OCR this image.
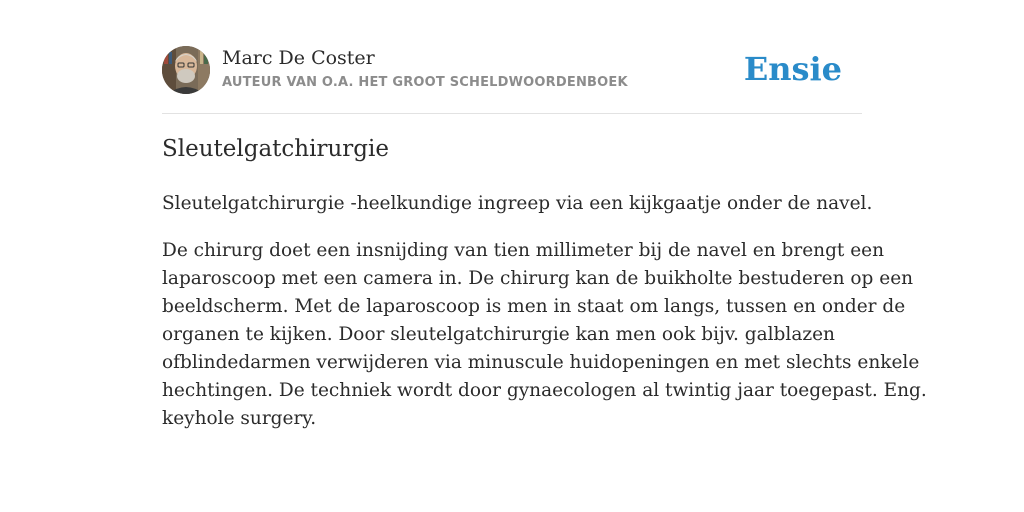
Marc De Coster
AUTEUR VAN O.A. HET GROOT SCHELDWOORDENBOEK	Ensie
Sleutelgatchirurgie

Sleutelgatchirurgie -heelkundige ingreep via een kijkgaatje onder de navel.

De chirurg doet een insnijding van tien millimeter bij de navel en brengt een
laparoscoop met een camera in. De chirurg kan de buikholte bestuderen op een
beeldscherm. Met de laparoscoop is men in staat om langs, tussen en onder de
organen te kijken. Door sleutelgatchirurgie kan men ook bijv. galblazen
ofblindedarmen verwijderen via minuscule huidopeningen en met slechts enkele
hechtingen. De techniek wordt door gynaecologen al twintig jaar toegepast. Eng.
keyhole surgery.
